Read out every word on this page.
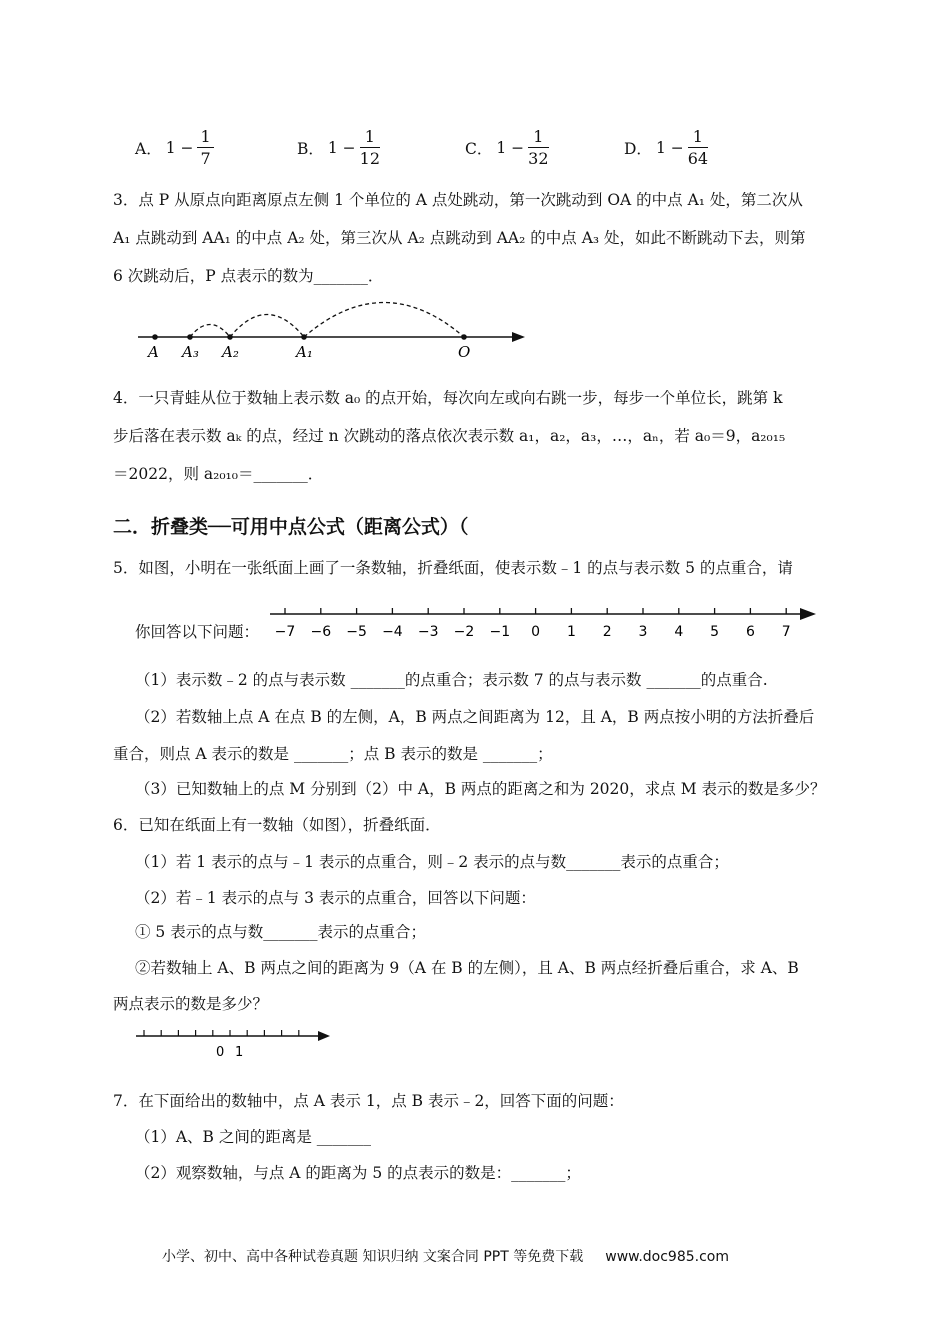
A． $1 - \frac{1}{7}$	B． $1 - \frac{1}{12}$	C． $1 - \frac{1}{32}$	D． $1 - \frac{1}{64}$
3．点 P 从原点向距离原点左侧 1 个单位的 A 点处跳动，第一次跳动到 OA 的中点 A₁ 处，第二次从
A₁ 点跳动到 AA₁ 的中点 A₂ 处，第三次从 A₂ 点跳动到 AA₂ 的中点 A₃ 处，如此不断跳动下去，则第
6 次跳动后，P 点表示的数为_______．
A A₃ A₂	A₁	O
4．一只青蛙从位于数轴上表示数 a₀ 的点开始，每次向左或向右跳一步，每步一个单位长，跳第 k
步后落在表示数 aₖ 的点，经过 n 次跳动的落点依次表示数 a₁，a₂，a₃，…，aₙ，若 a₀＝9，a₂₀₁₅
＝2022，则 a₂₀₁₀＝_______．
二．折叠类──可用中点公式（距离公式）（
5．如图，小明在一张纸面上画了一条数轴，折叠纸面，使表示数﹣1 的点与表示数 5 的点重合，请
你回答以下问题： −7 −6 −5 −4 −3 −2 −1 0 1 2 3 4 5 6 7
（1）表示数﹣2 的点与表示数 _______的点重合；表示数 7 的点与表示数 _______的点重合.
（2）若数轴上点 A 在点 B 的左侧，A，B 两点之间距离为 12，且 A，B 两点按小明的方法折叠后
重合，则点 A 表示的数是 _______；点 B 表示的数是 _______；
（3）已知数轴上的点 M 分别到（2）中 A，B 两点的距离之和为 2020，求点 M 表示的数是多少？
6．已知在纸面上有一数轴（如图），折叠纸面．
（1）若 1 表示的点与﹣1 表示的点重合，则﹣2 表示的点与数_______表示的点重合；
（2）若﹣1 表示的点与 3 表示的点重合，回答以下问题：
① 5 表示的点与数_______表示的点重合；
②若数轴上 A、B 两点之间的距离为 9（A 在 B 的左侧），且 A、B 两点经折叠后重合，求 A、B
两点表示的数是多少？
0 1
7．在下面给出的数轴中，点 A 表示 1，点 B 表示﹣2，回答下面的问题：
（1）A、B 之间的距离是 _______
（2）观察数轴，与点 A 的距离为 5 的点表示的数是：_______；
小学、初中、高中各种试卷真题 知识归纳 文案合同 PPT 等免费下载 www.doc985.com
